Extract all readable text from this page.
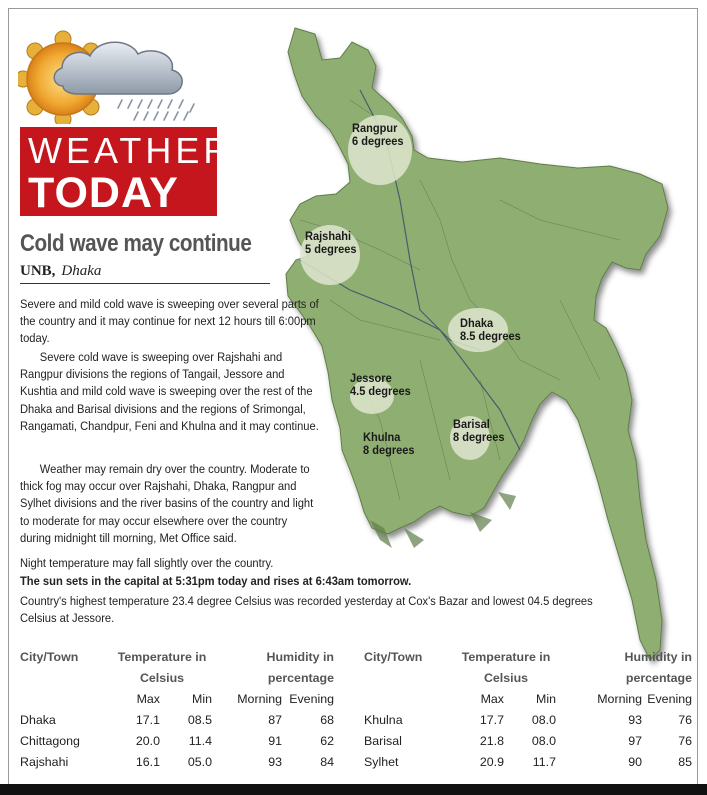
Rangpur
6 degrees
Rajshahi
5 degrees
Dhaka
8.5 degrees
Jessore
4.5 degrees
Barisal
8 degrees
Khulna
8 degrees
WEATHER
TODAY
Cold wave may continue
UNB, Dhaka
Severe and mild cold wave is sweeping over several parts of the country and it may continue for next 12 hours till 6:00pm today.
Severe cold wave is sweeping over Rajshahi and Rangpur divisions the regions of Tangail, Jessore and Kushtia and mild cold wave is sweeping over the rest of the Dhaka and Barisal divisions and the regions of Srimongal, Rangamati, Chandpur, Feni and Khulna and it may continue.
Weather may remain dry over the country. Moderate to thick fog may occur over Rajshahi, Dhaka, Rangpur and Sylhet divisions and the river basins of the country and light to moderate for may occur elsewhere over the country during midnight till morning, Met Office said.
Night temperature may fall slightly over the country.
The sun sets in the capital at 5:31pm today and rises at 6:43am tomorrow.
Country's highest temperature 23.4 degree Celsius was recorded yesterday at Cox's Bazar and lowest 04.5 degrees Celsius at Jessore.
City/Town	Temperature in		Humidity in	
	Celsius		percentage	
	Max	Min	Morning	Evening
Dhaka	17.1	08.5	87	68
Chittagong	20.0	11.4	91	62
Rajshahi	16.1	05.0	93	84
City/Town	Temperature in		Humidity in	
	Celsius		percentage	
	Max	Min	Morning	Evening
Khulna	17.7	08.0	93	76
Barisal	21.8	08.0	97	76
Sylhet	20.9	11.7	90	85
